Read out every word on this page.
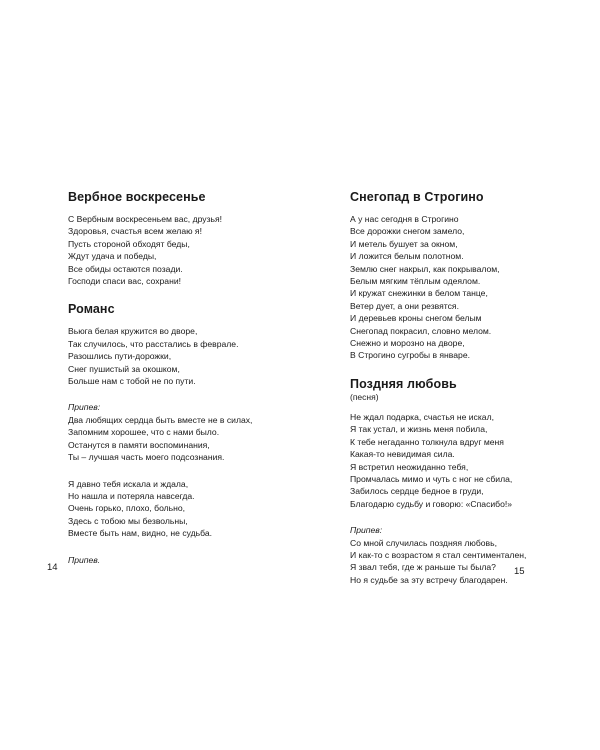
Вербное воскресенье
С Вербным воскресеньем вас, друзья!
Здоровья, счастья всем желаю я!
Пусть стороной обходят беды,
Ждут удача и победы,
Все обиды остаются позади.
Господи спаси вас, сохрани!
Романс
Вьюга белая кружится во дворе,
Так случилось, что расстались в феврале.
Разошлись пути-дорожки,
Снег пушистый за окошком,
Больше нам с тобой не по пути.
Припев:
Два любящих сердца быть вместе не в силах,
Запомним хорошее, что с нами было.
Останутся в памяти воспоминания,
Ты – лучшая часть моего подсознания.
Я давно тебя искала и ждала,
Но нашла и потеряла навсегда.
Очень горько, плохо, больно,
Здесь с тобою мы безвольны,
Вместе быть нам, видно, не судьба.
Припев.
14
Снегопад в Строгино
А у нас сегодня в Строгино
Все дорожки снегом замело,
И метель бушует за окном,
И ложится белым полотном.
Землю снег накрыл, как покрывалом,
Белым мягким тёплым одеялом.
И кружат снежинки в белом танце,
Ветер дует, а они резвятся.
И деревьев кроны снегом белым
Снегопад покрасил, словно мелом.
Снежно и морозно на дворе,
В Строгино сугробы в январе.
Поздняя любовь
(песня)
Не ждал подарка, счастья не искал,
Я так устал, и жизнь меня побила,
К тебе негаданно толкнула вдруг меня
Какая-то невидимая сила.
Я встретил неожиданно тебя,
Промчалась мимо и чуть с ног не сбила,
Забилось сердце бедное в груди,
Благодарю судьбу и говорю: «Спасибо!»
Припев:
Со мной случилась поздняя любовь,
И как-то с возрастом я стал сентиментален,
Я звал тебя, где ж раньше ты была?
Но я судьбе за эту встречу благодарен.
15
